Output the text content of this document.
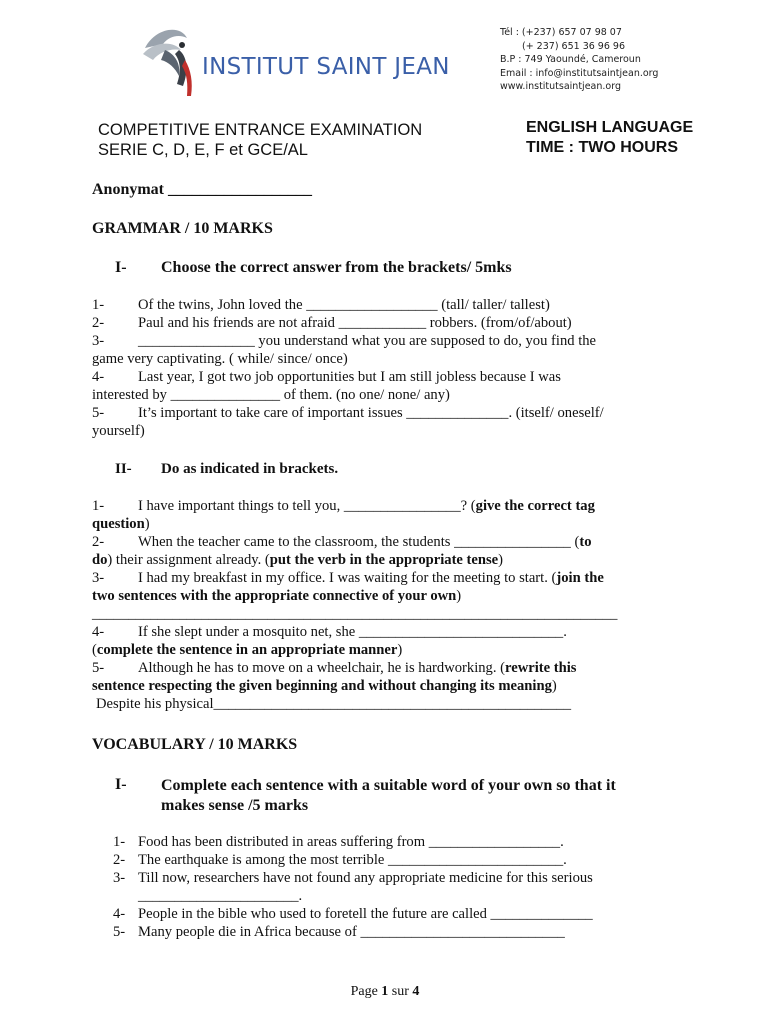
INSTITUT SAINT JEAN
Tél : (+237) 657 07 98 07
(+ 237) 651 36 96 96
B.P : 749 Yaoundé, Cameroun
Email : info@institutsaintjean.org
www.institutsaintjean.org
COMPETITIVE ENTRANCE EXAMINATION
SERIE C, D, E, F et GCE/AL
ENGLISH LANGUAGE
TIME : TWO HOURS
Anonymat __________________
GRAMMAR / 10 MARKS
I- Choose the correct answer from the brackets/ 5mks
1- Of the twins, John loved the __________________ (tall/ taller/ tallest)
2- Paul and his friends are not afraid ____________ robbers. (from/of/about)
3- ________________ you understand what you are supposed to do, you find the
game very captivating. ( while/ since/ once)
4- Last year, I got two job opportunities but I am still jobless because I was
interested by _______________ of them. (no one/ none/ any)
5- It’s important to take care of important issues ______________. (itself/ oneself/
yourself)
II- Do as indicated in brackets.
1- I have important things to tell you, ________________? (give the correct tag
question)
2- When the teacher came to the classroom, the students ________________ (to
do) their assignment already. (put the verb in the appropriate tense)
3- I had my breakfast in my office. I was waiting for the meeting to start. (join the
two sentences with the appropriate connective of your own)
________________________________________________________________________
4- If she slept under a mosquito net, she ____________________________.
(complete the sentence in an appropriate manner)
5- Although he has to move on a wheelchair, he is hardworking. (rewrite this
sentence respecting the given beginning and without changing its meaning)
Despite his physical_________________________________________________
VOCABULARY / 10 MARKS
I- Complete each sentence with a suitable word of your own so that it
makes sense /5 marks
1- Food has been distributed in areas suffering from __________________.
2- The earthquake is among the most terrible ________________________.
3- Till now, researchers have not found any appropriate medicine for this serious
______________________.
4- People in the bible who used to foretell the future are called ______________
5- Many people die in Africa because of ____________________________
Page 1 sur 4
